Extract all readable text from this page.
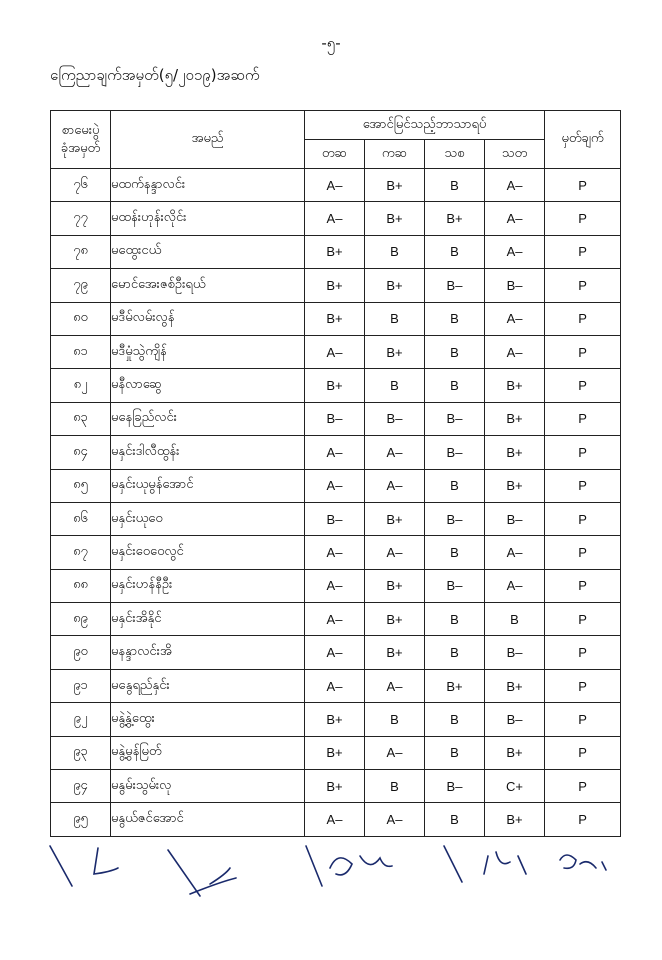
-၅-
ကြေညာချက်အမှတ်(၅/၂၀၁၉)အဆက်
စာမေးပွဲ
ခုံအမှတ်	အမည်	အောင်မြင်သည့်ဘာသာရပ်				မှတ်ချက်
		တဆ	ကဆ	သစ	သတ	
၇၆	မထက်နန္ဒာလင်း	A–	B+	B	A–	P
၇၇	မထန်းဟုန်းလိုင်း	A–	B+	B+	A–	P
၇၈	မထွေးငယ်	B+	B	B	A–	P
၇၉	မောင်အေးဇစ်ဦးရယ်	B+	B+	B–	B–	P
၈၀	မဒီမ်လမ်းလွန်	B+	B	B	A–	P
၈၁	မဒီမှုံသွဲကျိန်	A–	B+	B	A–	P
၈၂	မနီလာဆွေ	B+	B	B	B+	P
၈၃	မနေခြည်လင်း	B–	B–	B–	B+	P
၈၄	မနှင်းဒါလီထွန်း	A–	A–	B–	B+	P
၈၅	မနှင်းယုမွန်အောင်	A–	A–	B	B+	P
၈၆	မနှင်းယုဝေ	B–	B+	B–	B–	P
၈၇	မနှင်းဝေဝေလွင်	A–	A–	B	A–	P
၈၈	မနှင်းဟန်နီဦး	A–	B+	B–	A–	P
၈၉	မနှင်းအိနိုင်	A–	B+	B	B	P
၉၀	မနန္ဒာလင်းအိ	A–	B+	B	B–	P
၉၁	မနွေရည်နှင်း	A–	A–	B+	B+	P
၉၂	မနွဲ့နွဲ့ထွေး	B+	B	B	B–	P
၉၃	မနွဲ့မွန်မြတ်	B+	A–	B	B+	P
၉၄	မနွမ်းသွမ်းလု	B+	B	B–	C+	P
၉၅	မနွယ်ဇင်အောင်	A–	A–	B	B+	P
